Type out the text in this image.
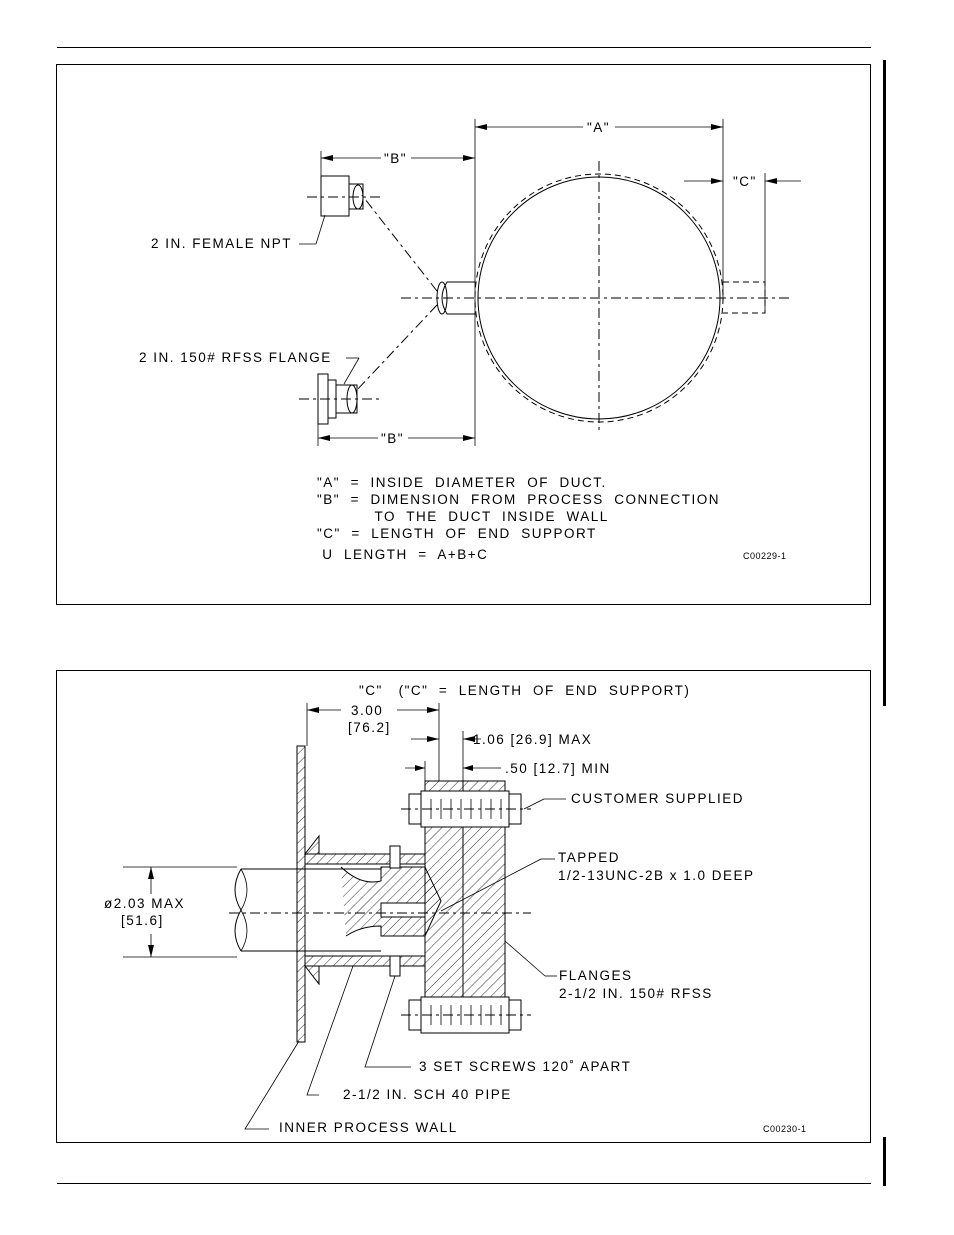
"A"
"B"
"C"
2 IN. FEMALE NPT
2 IN. 150# RFSS FLANGE
"B"
"A"  =  INSIDE  DIAMETER  OF  DUCT.
"B"  =  DIMENSION  FROM  PROCESS  CONNECTION
TO  THE  DUCT  INSIDE  WALL
"C"  =  LENGTH  OF  END  SUPPORT
U  LENGTH  =  A+B+C	C00229-1
"C"   ("C"  =  LENGTH  OF  END  SUPPORT)
3.00
[76.2]
1.06 [26.9] MAX
.50 [12.7] MIN
ø2.03 MAX
[51.6]
CUSTOMER SUPPLIED
TAPPED
1/2-13UNC-2B x 1.0 DEEP
FLANGES
2-1/2 IN. 150# RFSS
3 SET SCREWS 120˚ APART
2-1/2 IN. SCH 40 PIPE
INNER PROCESS WALL	C00230-1
